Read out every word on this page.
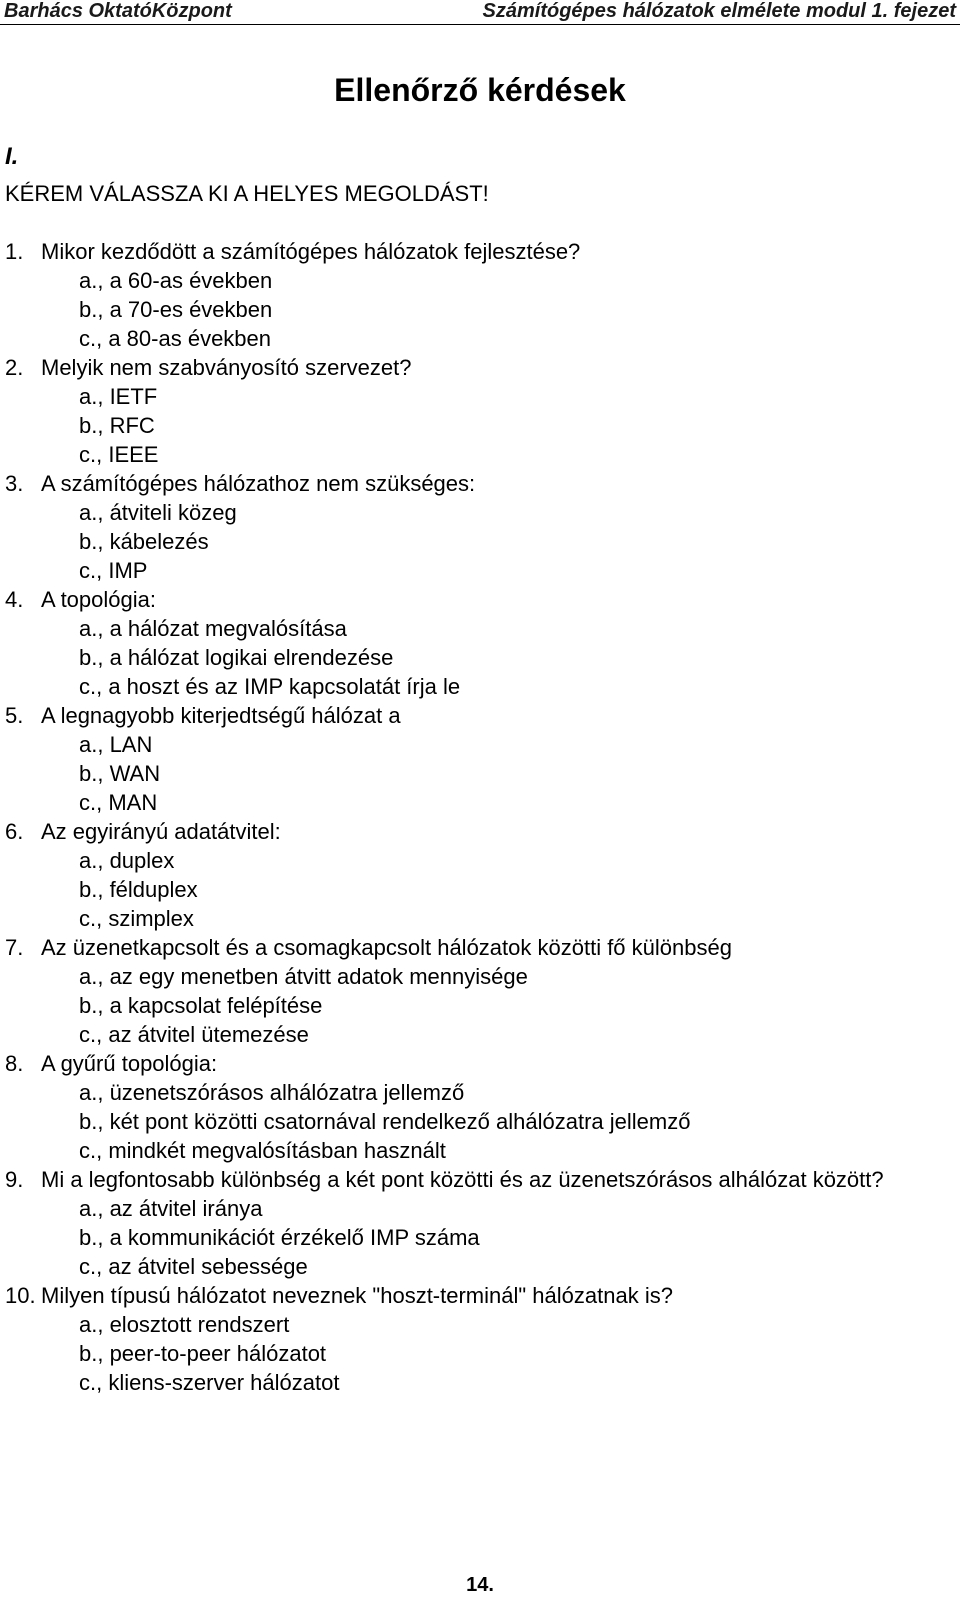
Barhács OktatóKözpont	Számítógépes hálózatok elmélete modul 1. fejezet
Ellenőrző kérdések
I.
KÉREM VÁLASSZA KI A HELYES MEGOLDÁST!
1. Mikor kezdődött a számítógépes hálózatok fejlesztése?
a., a 60-as években
b., a 70-es években
c., a 80-as években
2. Melyik nem szabványosító szervezet?
a., IETF
b., RFC
c., IEEE
3. A számítógépes hálózathoz nem szükséges:
a., átviteli közeg
b., kábelezés
c., IMP
4. A topológia:
a., a hálózat megvalósítása
b., a hálózat logikai elrendezése
c., a hoszt és az IMP kapcsolatát írja le
5. A legnagyobb kiterjedtségű hálózat a
a., LAN
b., WAN
c., MAN
6. Az egyirányú adatátvitel:
a., duplex
b., félduplex
c., szimplex
7. Az üzenetkapcsolt és a csomagkapcsolt hálózatok közötti fő különbség
a., az egy menetben átvitt adatok mennyisége
b., a kapcsolat felépítése
c., az átvitel ütemezése
8. A gyűrű topológia:
a., üzenetszórásos alhálózatra jellemző
b., két pont közötti csatornával rendelkező alhálózatra jellemző
c., mindkét megvalósításban használt
9. Mi a legfontosabb különbség a két pont közötti és az üzenetszórásos alhálózat között?
a., az átvitel iránya
b., a kommunikációt érzékelő IMP száma
c., az átvitel sebessége
10. Milyen típusú hálózatot neveznek "hoszt-terminál" hálózatnak is?
a., elosztott rendszert
b., peer-to-peer hálózatot
c., kliens-szerver hálózatot
14.
